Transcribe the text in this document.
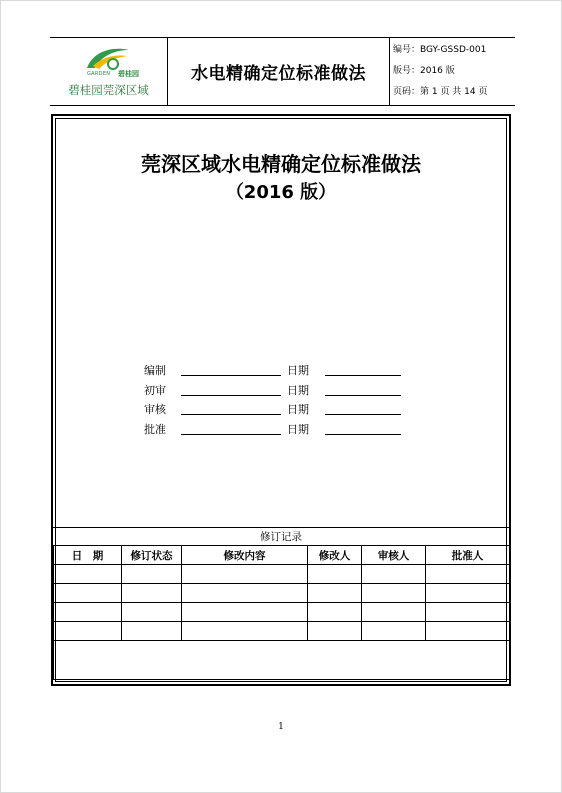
GARDEN 碧桂园
碧桂园莞深区域
水电精确定位标准做法
编号：BGY-GSSD-001
版号：2016 版
页码：第 1 页 共 14 页
莞深区域水电精确定位标准做法
（2016 版）
编制	日期
初审	日期
审核	日期
批准	日期
修订记录
日　期	修订状态	修改内容	修改人	审核人	批准人

1
